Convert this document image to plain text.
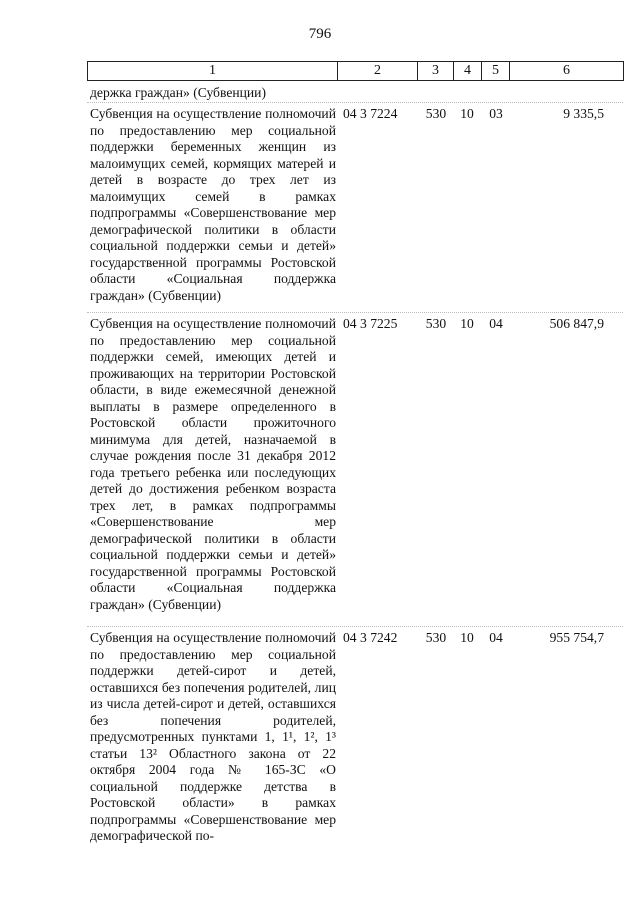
796
1	2	3	4	5	6
держка граждан» (Субвенции)
Субвенция на осуществление полномочий по предоставлению мер социальной поддержки беременных женщин из малоимущих семей, кормящих матерей и детей в возрасте до трех лет из малоимущих семей в рамках подпрограммы «Совершенствование мер демографической политики в области социальной поддержки семьи и детей» государственной программы Ростовской области «Социальная поддержка граждан» (Субвенции)
04 3 7224	530	10	03	9 335,5
Субвенция на осуществление полномочий по предоставлению мер социальной поддержки семей, имеющих детей и проживающих на территории Ростовской области, в виде ежемесячной денежной выплаты в размере определенного в Ростовской области прожиточного минимума для детей, назначаемой в случае рождения после 31 декабря 2012 года третьего ребенка или последующих детей до достижения ребенком возраста трех лет, в рамках подпрограммы «Совершенствование мер демографической политики в области социальной поддержки семьи и детей» государственной программы Ростовской области «Социальная поддержка граждан» (Субвенции)
04 3 7225	530	10	04	506 847,9
Субвенция на осуществление полномочий по предоставлению мер социальной поддержки детей-сирот и детей, оставшихся без попечения родителей, лиц из числа детей-сирот и детей, оставшихся без попечения родителей, предусмотренных пунктами 1, 1¹, 1², 1³ статьи 13² Областного закона от 22 октября 2004 года № 165-ЗС «О социальной поддержке детства в Ростовской области» в рамках подпрограммы «Совершенствование мер демографической по-
04 3 7242	530	10	04	955 754,7
